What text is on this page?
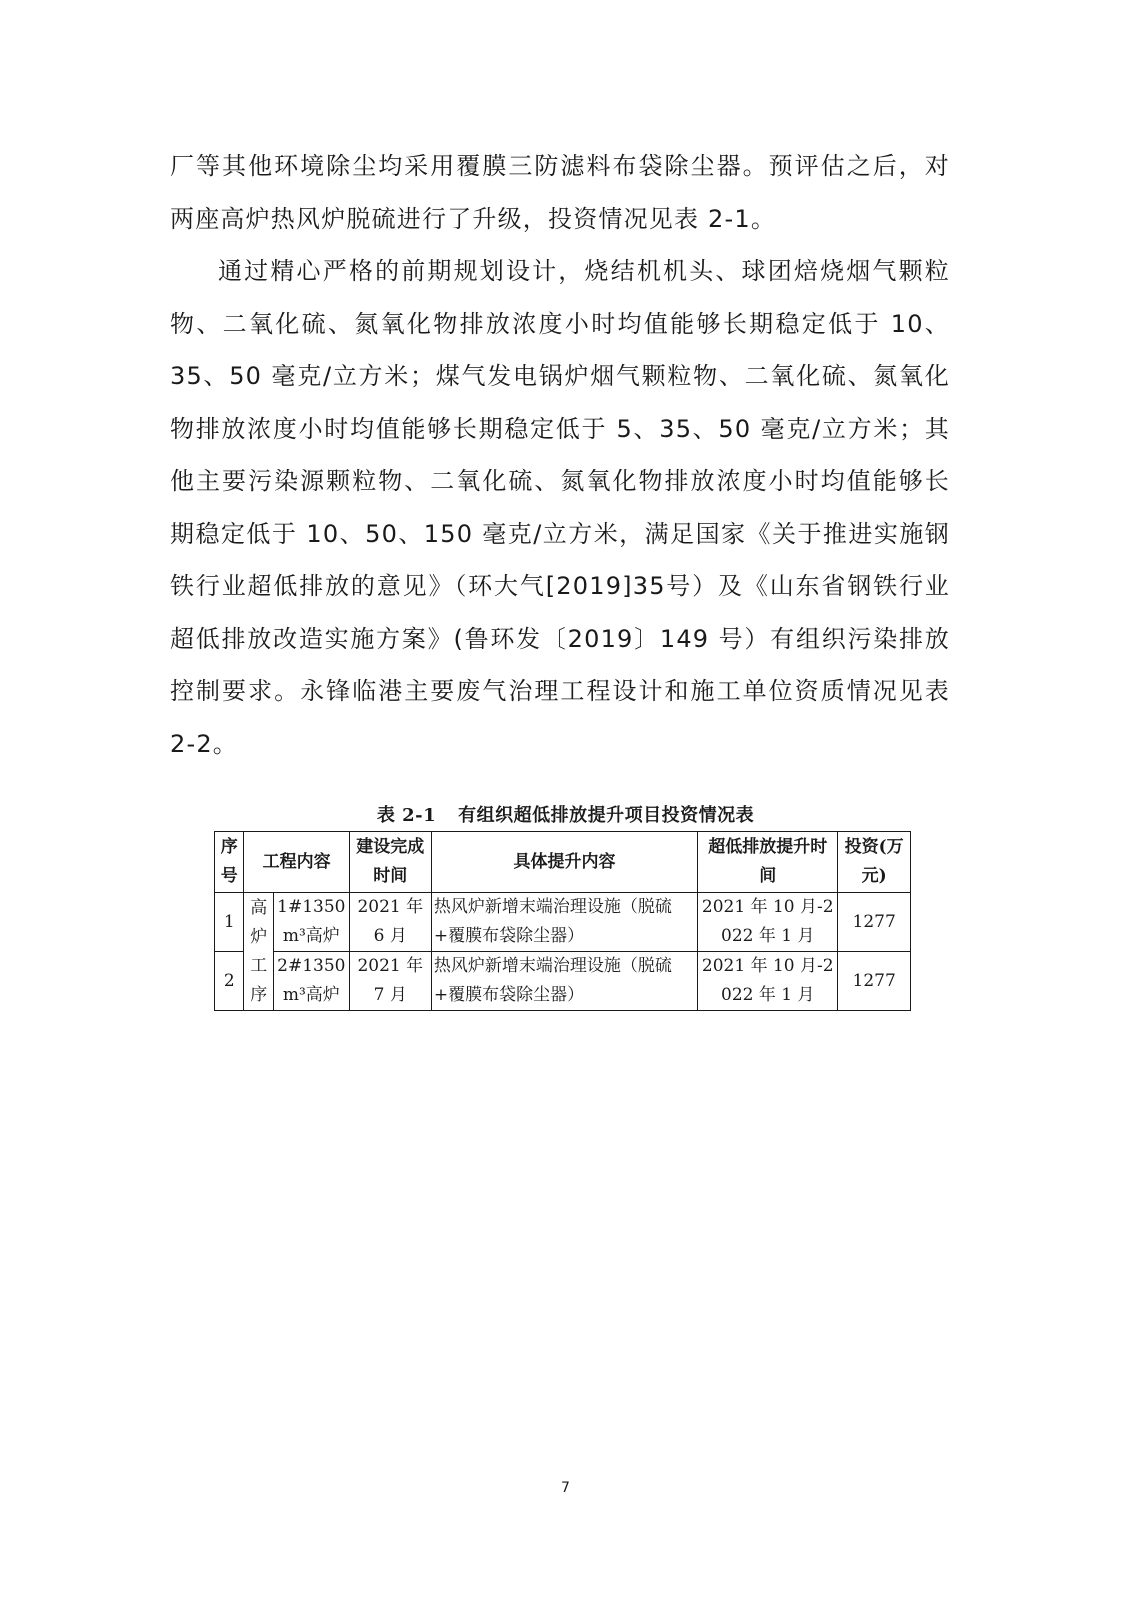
厂等其他环境除尘均采用覆膜三防滤料布袋除尘器。预评估之后，对两座高炉热风炉脱硫进行了升级，投资情况见表 2-1。

通过精心严格的前期规划设计，烧结机机头、球团焙烧烟气颗粒物、二氧化硫、氮氧化物排放浓度小时均值能够长期稳定低于 10、35、50 毫克/立方米；煤气发电锅炉烟气颗粒物、二氧化硫、氮氧化物排放浓度小时均值能够长期稳定低于 5、35、50 毫克/立方米；其他主要污染源颗粒物、二氧化硫、氮氧化物排放浓度小时均值能够长期稳定低于 10、50、150 毫克/立方米，满足国家《关于推进实施钢铁行业超低排放的意见》（环大气[2019]35号）及《山东省钢铁行业超低排放改造实施方案》(鲁环发〔2019〕149 号）有组织污染排放控制要求。永锋临港主要废气治理工程设计和施工单位资质情况见表 2-2。

表 2-1 有组织超低排放提升项目投资情况表
序号	工程内容		建设完成时间	具体提升内容	超低排放提升时间	投资(万元)
1	高炉工序	1#1350m³高炉	2021 年 6 月	热风炉新增末端治理设施（脱硫+覆膜布袋除尘器）	2021 年 10 月-2022 年 1 月	1277
2		2#1350m³高炉	2021 年 7 月	热风炉新增末端治理设施（脱硫+覆膜布袋除尘器）	2021 年 10 月-2022 年 1 月	1277
7
